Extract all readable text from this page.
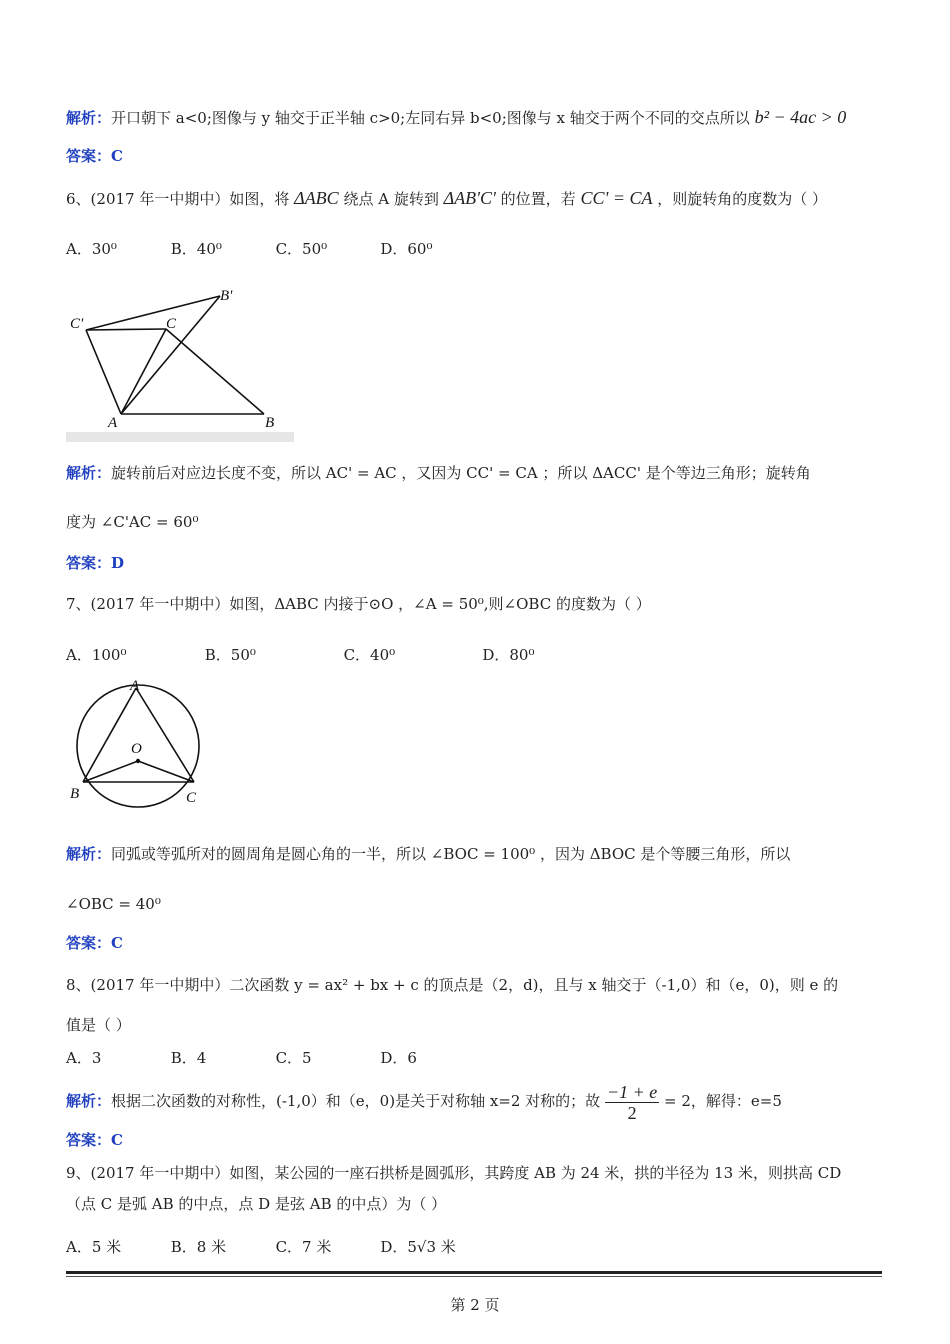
解析：开口朝下 a<0;图像与 y 轴交于正半轴 c>0;左同右异 b<0;图像与 x 轴交于两个不同的交点所以 b² − 4ac > 0
答案：C
6、(2017 年一中期中）如图，将 ΔABC 绕点 A 旋转到 ΔAB'C' 的位置，若 CC' = CA ，则旋转角的度数为（ ）
A．30⁰	B．40⁰	C．50⁰	D．60⁰
C'	C
B'
A	B
解析：旋转前后对应边长度不变，所以 AC' = AC ，又因为 CC' = CA ；所以 ΔACC' 是个等边三角形；旋转角
度为 ∠C'AC = 60⁰
答案：D
7、(2017 年一中期中）如图，ΔABC 内接于⊙O ，∠A = 50⁰,则∠OBC 的度数为（ ）
A．100⁰	B．50⁰	C．40⁰	D．80⁰
A
O
B	C
解析：同弧或等弧所对的圆周角是圆心角的一半，所以 ∠BOC = 100⁰ ，因为 ΔBOC 是个等腰三角形，所以
∠OBC = 40⁰
答案：C
8、(2017 年一中期中）二次函数 y = ax² + bx + c 的顶点是（2，d)，且与 x 轴交于（-1,0）和（e，0)，则 e 的
值是（ ）
A．3	B．4	C．5	D．6
解析：根据二次函数的对称性，(-1,0）和（e，0)是关于对称轴 x=2 对称的；故 $\frac{-1 + e}{2} = 2$，解得：e=5
答案：C
9、(2017 年一中期中）如图，某公园的一座石拱桥是圆弧形，其跨度 AB 为 24 米，拱的半径为 13 米，则拱高 CD
（点 C 是弧 AB 的中点，点 D 是弦 AB 的中点）为（ ）
A．5 米	B．8 米	C．7 米	D．5√3 米
第 2 页
